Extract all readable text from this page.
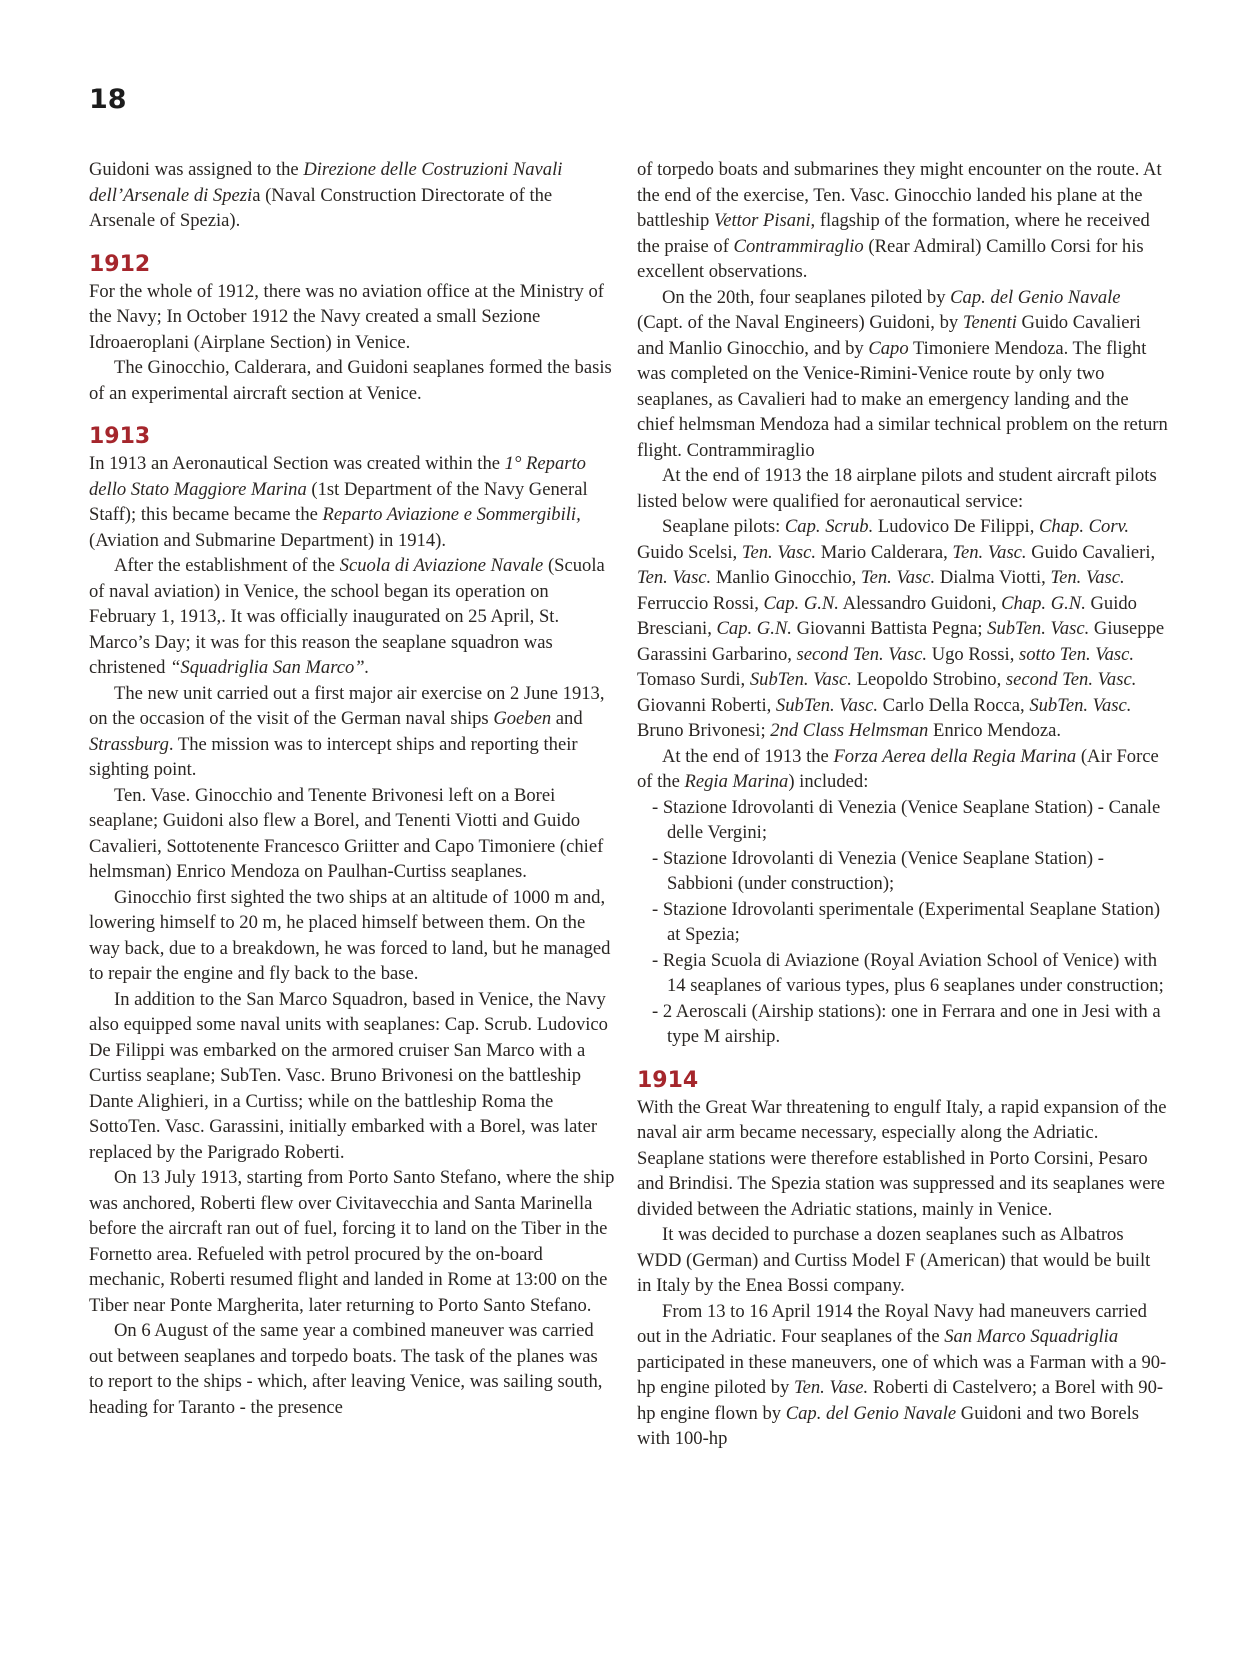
18

Guidoni was assigned to the Direzione delle Costruzioni Navali dell’Arsenale di Spezia (Naval Construction Directorate of the Arsenale of Spezia).

1912

For the whole of 1912, there was no aviation office at the Ministry of the Navy; In October 1912 the Navy created a small Sezione Idroaeroplani (Airplane Section) in Venice.

The Ginocchio, Calderara, and Guidoni seaplanes formed the basis of an experimental aircraft section at Venice.

1913

In 1913 an Aeronautical Section was created within the 1° Reparto dello Stato Maggiore Marina (1st Department of the Navy General Staff); this became became the Reparto Aviazione e Sommergibili, (Aviation and Submarine Department) in 1914).

After the establishment of the Scuola di Aviazione Navale (Scuola of naval aviation) in Venice, the school began its operation on February 1, 1913,. It was officially inaugurated on 25 April, St. Marco’s Day; it was for this reason the seaplane squadron was christened “Squadriglia San Marco”.

The new unit carried out a first major air exercise on 2 June 1913, on the occasion of the visit of the German naval ships Goeben and Strassburg. The mission was to intercept ships and reporting their sighting point.

Ten. Vase. Ginocchio and Tenente Brivonesi left on a Borei seaplane; Guidoni also flew a Borel, and Tenenti Viotti and Guido Cavalieri, Sottotenente Francesco Griitter and Capo Timoniere (chief helmsman) Enrico Mendoza on Paulhan-Curtiss seaplanes.

Ginocchio first sighted the two ships at an altitude of 1000 m and, lowering himself to 20 m, he placed himself between them. On the way back, due to a breakdown, he was forced to land, but he managed to repair the engine and fly back to the base.

In addition to the San Marco Squadron, based in Venice, the Navy also equipped some naval units with seaplanes: Cap. Scrub. Ludovico De Filippi was embarked on the armored cruiser San Marco with a Curtiss seaplane; SubTen. Vasc. Bruno Brivonesi on the battleship Dante Alighieri, in a Curtiss; while on the battleship Roma the SottoTen. Vasc. Garassini, initially embarked with a Borel, was later replaced by the Parigrado Roberti.

On 13 July 1913, starting from Porto Santo Stefano, where the ship was anchored, Roberti flew over Civitavecchia and Santa Marinella before the aircraft ran out of fuel, forcing it to land on the Tiber in the Fornetto area. Refueled with petrol procured by the on-board mechanic, Roberti resumed flight and landed in Rome at 13:00 on the Tiber near Ponte Margherita, later returning to Porto Santo Stefano.

On 6 August of the same year a combined maneuver was carried out between seaplanes and torpedo boats. The task of the planes was to report to the ships - which, after leaving Venice, was sailing south, heading for Taranto - the presence

of torpedo boats and submarines they might encounter on the route. At the end of the exercise, Ten. Vasc. Ginocchio landed his plane at the battleship Vettor Pisani, flagship of the formation, where he received the praise of Contrammiraglio (Rear Admiral) Camillo Corsi for his excellent observations.

On the 20th, four seaplanes piloted by Cap. del Genio Navale (Capt. of the Naval Engineers) Guidoni, by Tenenti Guido Cavalieri and Manlio Ginocchio, and by Capo Timoniere Mendoza. The flight was completed on the Venice-Rimini-Venice route by only two seaplanes, as Cavalieri had to make an emergency landing and the chief helmsman Mendoza had a similar technical problem on the return flight. Contrammiraglio

At the end of 1913 the 18 airplane pilots and student aircraft pilots listed below were qualified for aeronautical service:

Seaplane pilots: Cap. Scrub. Ludovico De Filippi, Chap. Corv. Guido Scelsi, Ten. Vasc. Mario Calderara, Ten. Vasc. Guido Cavalieri, Ten. Vasc. Manlio Ginocchio, Ten. Vasc. Dialma Viotti, Ten. Vasc. Ferruccio Rossi, Cap. G.N. Alessandro Guidoni, Chap. G.N. Guido Bresciani, Cap. G.N. Giovanni Battista Pegna; SubTen. Vasc. Giuseppe Garassini Garbarino, second Ten. Vasc. Ugo Rossi, sotto Ten. Vasc. Tomaso Surdi, SubTen. Vasc. Leopoldo Strobino, second Ten. Vasc. Giovanni Roberti, SubTen. Vasc. Carlo Della Rocca, SubTen. Vasc. Bruno Brivonesi; 2nd Class Helmsman Enrico Mendoza.

At the end of 1913 the Forza Aerea della Regia Marina (Air Force of the Regia Marina) included:

- Stazione Idrovolanti di Venezia (Venice Seaplane Station) - Canale delle Vergini;
- Stazione Idrovolanti di Venezia (Venice Seaplane Station) - Sabbioni (under construction);
- Stazione Idrovolanti sperimentale (Experimental Seaplane Station) at Spezia;
- Regia Scuola di Aviazione (Royal Aviation School of Venice) with 14 seaplanes of various types, plus 6 seaplanes under construction;
- 2 Aeroscali (Airship stations): one in Ferrara and one in Jesi with a type M airship.
1914

With the Great War threatening to engulf Italy, a rapid expansion of the naval air arm became necessary, especially along the Adriatic. Seaplane stations were therefore established in Porto Corsini, Pesaro and Brindisi. The Spezia station was suppressed and its seaplanes were divided between the Adriatic stations, mainly in Venice.

It was decided to purchase a dozen seaplanes such as Albatros WDD (German) and Curtiss Model F (American) that would be built in Italy by the Enea Bossi company.

From 13 to 16 April 1914 the Royal Navy had maneuvers carried out in the Adriatic. Four seaplanes of the San Marco Squadriglia participated in these maneuvers, one of which was a Farman with a 90-hp engine piloted by Ten. Vase. Roberti di Castelvero; a Borel with 90-hp engine flown by Cap. del Genio Navale Guidoni and two Borels with 100-hp
